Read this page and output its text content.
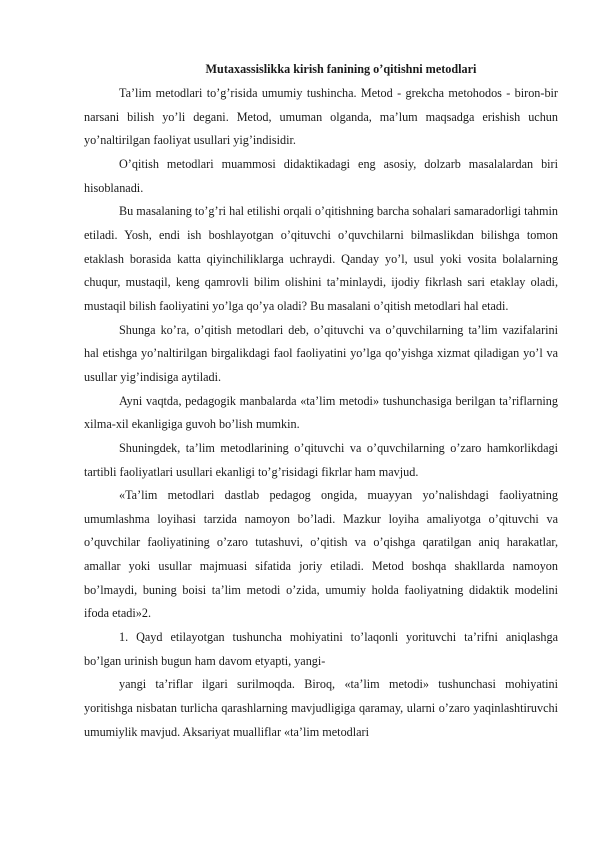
Mutaxassislikka kirish fanining o’qitishni metodlari

Ta’lim metodlari to’g’risida umumiy tushincha. Metod - grekcha metohodos - biron-bir narsani bilish yo’li degani. Metod, umuman olganda, ma’lum maqsadga erishish uchun yo’naltirilgan faoliyat usullari yig’indisidir.

O’qitish metodlari muammosi didaktikadagi eng asosiy, dolzarb masalalardan biri hisoblanadi.

Bu masalaning to’g’ri hal etilishi orqali o’qitishning barcha sohalari samaradorligi tahmin etiladi. Yosh, endi ish boshlayotgan o’qituvchi o’quvchilarni bilmaslikdan bilishga tomon etaklash borasida katta qiyinchiliklarga uchraydi. Qanday yo’l, usul yoki vosita bolalarning chuqur, mustaqil, keng qamrovli bilim olishini ta’minlaydi, ijodiy fikrlash sari etaklay oladi, mustaqil bilish faoliyatini yo’lga qo’ya oladi? Bu masalani o’qitish metodlari hal etadi.

Shunga ko’ra, o’qitish metodlari deb, o’qituvchi va o’quvchilarning ta’lim vazifalarini hal etishga yo’naltirilgan birgalikdagi faol faoliyatini yo’lga qo’yishga xizmat qiladigan yo’l va usullar yig’indisiga aytiladi.

Ayni vaqtda, pedagogik manbalarda «ta’lim metodi» tushunchasiga berilgan ta’riflarning xilma-xil ekanligiga guvoh bo’lish mumkin.

Shuningdek, ta’lim metodlarining o’qituvchi va o’quvchilarning o’zaro hamkorlikdagi tartibli faoliyatlari usullari ekanligi to’g’risidagi fikrlar ham mavjud.

«Ta’lim metodlari dastlab pedagog ongida, muayyan yo’nalishdagi faoliyatning umumlashma loyihasi tarzida namoyon bo’ladi. Mazkur loyiha amaliyotga o’qituvchi va o’quvchilar faoliyatining o’zaro tutashuvi, o’qitish va o’qishga qaratilgan aniq harakatlar, amallar yoki usullar majmuasi sifatida joriy etiladi. Metod boshqa shakllarda namoyon bo’lmaydi, buning boisi ta’lim metodi o’zida, umumiy holda faoliyatning didaktik modelini ifoda etadi»2.

1. Qayd etilayotgan tushuncha mohiyatini to’laqonli yorituvchi ta’rifni aniqlashga bo’lgan urinish bugun ham davom etyapti, yangi-

yangi ta’riflar ilgari surilmoqda. Biroq, «ta’lim metodi» tushunchasi mohiyatini yoritishga nisbatan turlicha qarashlarning mavjudligiga qaramay, ularni o’zaro yaqinlashtiruvchi umumiylik mavjud. Aksariyat mualliflar «ta’lim metodlari
